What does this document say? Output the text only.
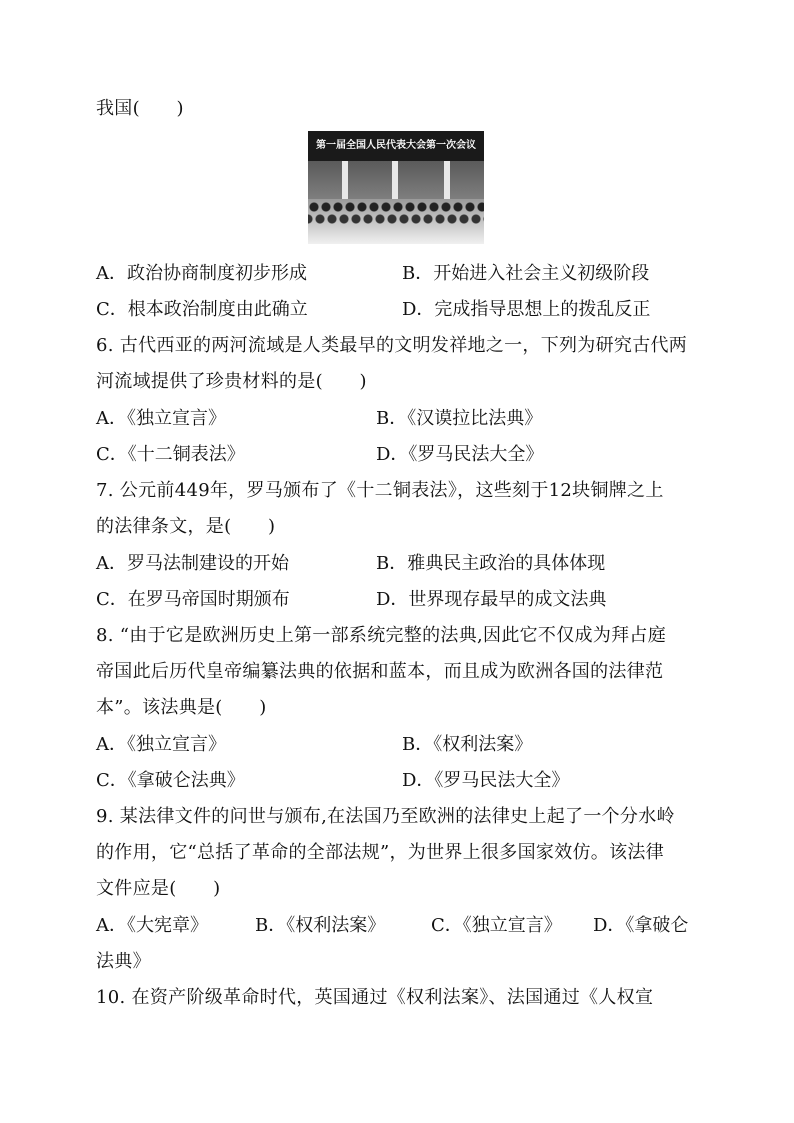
我国(　　)
第一届全国人民代表大会第一次会议
A．政治协商制度初步形成	B．开始进入社会主义初级阶段
C．根本政治制度由此确立	D．完成指导思想上的拨乱反正
6. 古代西亚的两河流域是人类最早的文明发祥地之一，下列为研究古代两
河流域提供了珍贵材料的是(　　)
A．《独立宣言》	B．《汉谟拉比法典》
C．《十二铜表法》	D．《罗马民法大全》
7. 公元前449年，罗马颁布了《十二铜表法》，这些刻于12块铜牌之上
的法律条文，是(　　)
A．罗马法制建设的开始	B．雅典民主政治的具体体现
C．在罗马帝国时期颁布	D．世界现存最早的成文法典
8. “由于它是欧洲历史上第一部系统完整的法典,因此它不仅成为拜占庭
帝国此后历代皇帝编纂法典的依据和蓝本，而且成为欧洲各国的法律范
本”。该法典是(　　)
A．《独立宣言》	B．《权利法案》
C．《拿破仑法典》	D．《罗马民法大全》
9. 某法律文件的问世与颁布,在法国乃至欧洲的法律史上起了一个分水岭
的作用，它“总括了革命的全部法规”，为世界上很多国家效仿。该法律
文件应是(　　)
A．《大宪章》	B．《权利法案》	C．《独立宣言》 D．《拿破仑
法典》
10. 在资产阶级革命时代，英国通过《权利法案》、法国通过《人权宣
